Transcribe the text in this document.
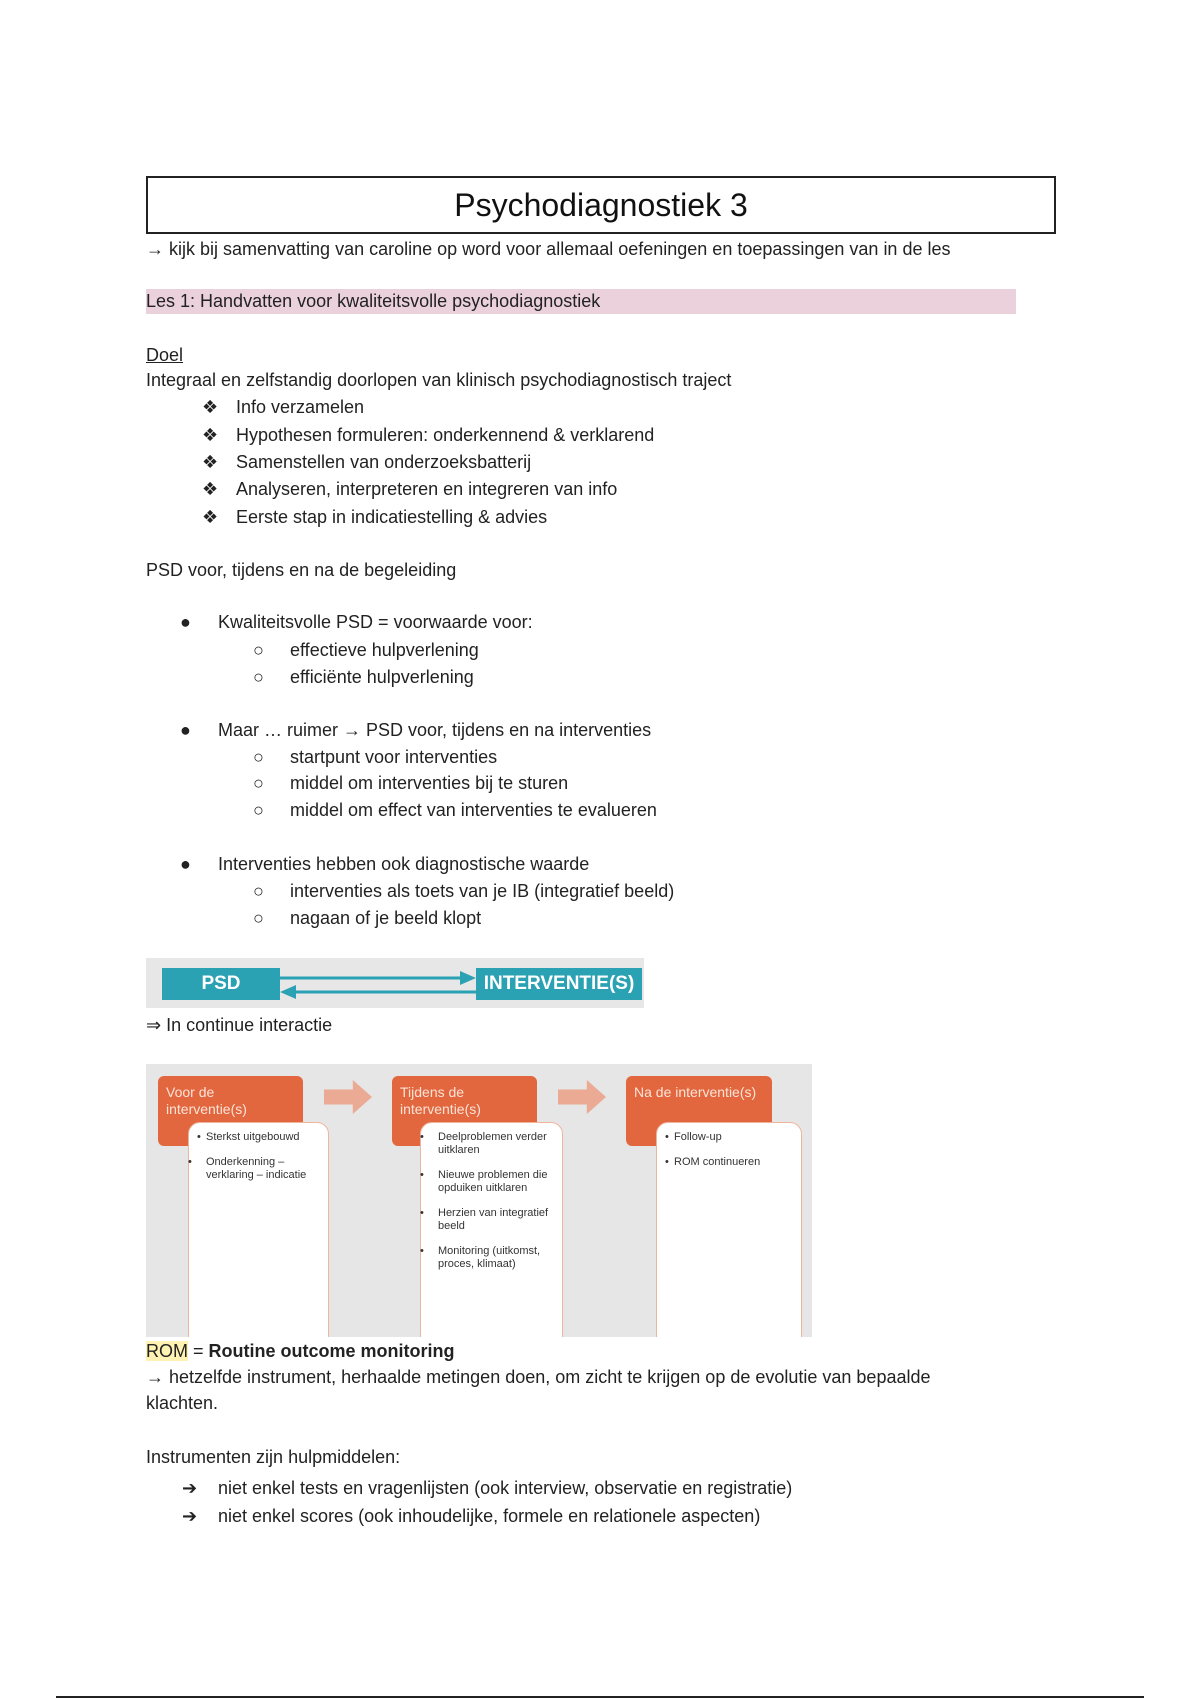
Psychodiagnostiek 3
→ kijk bij samenvatting van caroline op word voor allemaal oefeningen en toepassingen van in de les
Les 1: Handvatten voor kwaliteitsvolle psychodiagnostiek
Doel
Integraal en zelfstandig doorlopen van klinisch psychodiagnostisch traject
❖ Info verzamelen
❖ Hypothesen formuleren: onderkennend & verklarend
❖ Samenstellen van onderzoeksbatterij
❖ Analyseren, interpreteren en integreren van info
❖ Eerste stap in indicatiestelling & advies
PSD voor, tijdens en na de begeleiding
● Kwaliteitsvolle PSD = voorwaarde voor:
○ effectieve hulpverlening
○ efficiënte hulpverlening
● Maar … ruimer → PSD voor, tijdens en na interventies
○ startpunt voor interventies
○ middel om interventies bij te sturen
○ middel om effect van interventies te evalueren
● Interventies hebben ook diagnostische waarde
○ interventies als toets van je IB (integratief beeld)
○ nagaan of je beeld klopt
PSD	INTERVENTIE(S)
⇒ In continue interactie
Voor de interventie(s)
• Sterkst uitgebouwd
• Onderkenning – verklaring – indicatie
Tijdens de interventie(s)
• Deelproblemen verder uitklaren
• Nieuwe problemen die opduiken uitklaren
• Herzien van integratief beeld
• Monitoring (uitkomst, proces, klimaat)
Na de interventie(s)
• Follow-up
• ROM continueren
ROM = Routine outcome monitoring
→ hetzelfde instrument, herhaalde metingen doen, om zicht te krijgen op de evolutie van bepaalde
klachten.
Instrumenten zijn hulpmiddelen:
➔ niet enkel tests en vragenlijsten (ook interview, observatie en registratie)
➔ niet enkel scores (ook inhoudelijke, formele en relationele aspecten)
